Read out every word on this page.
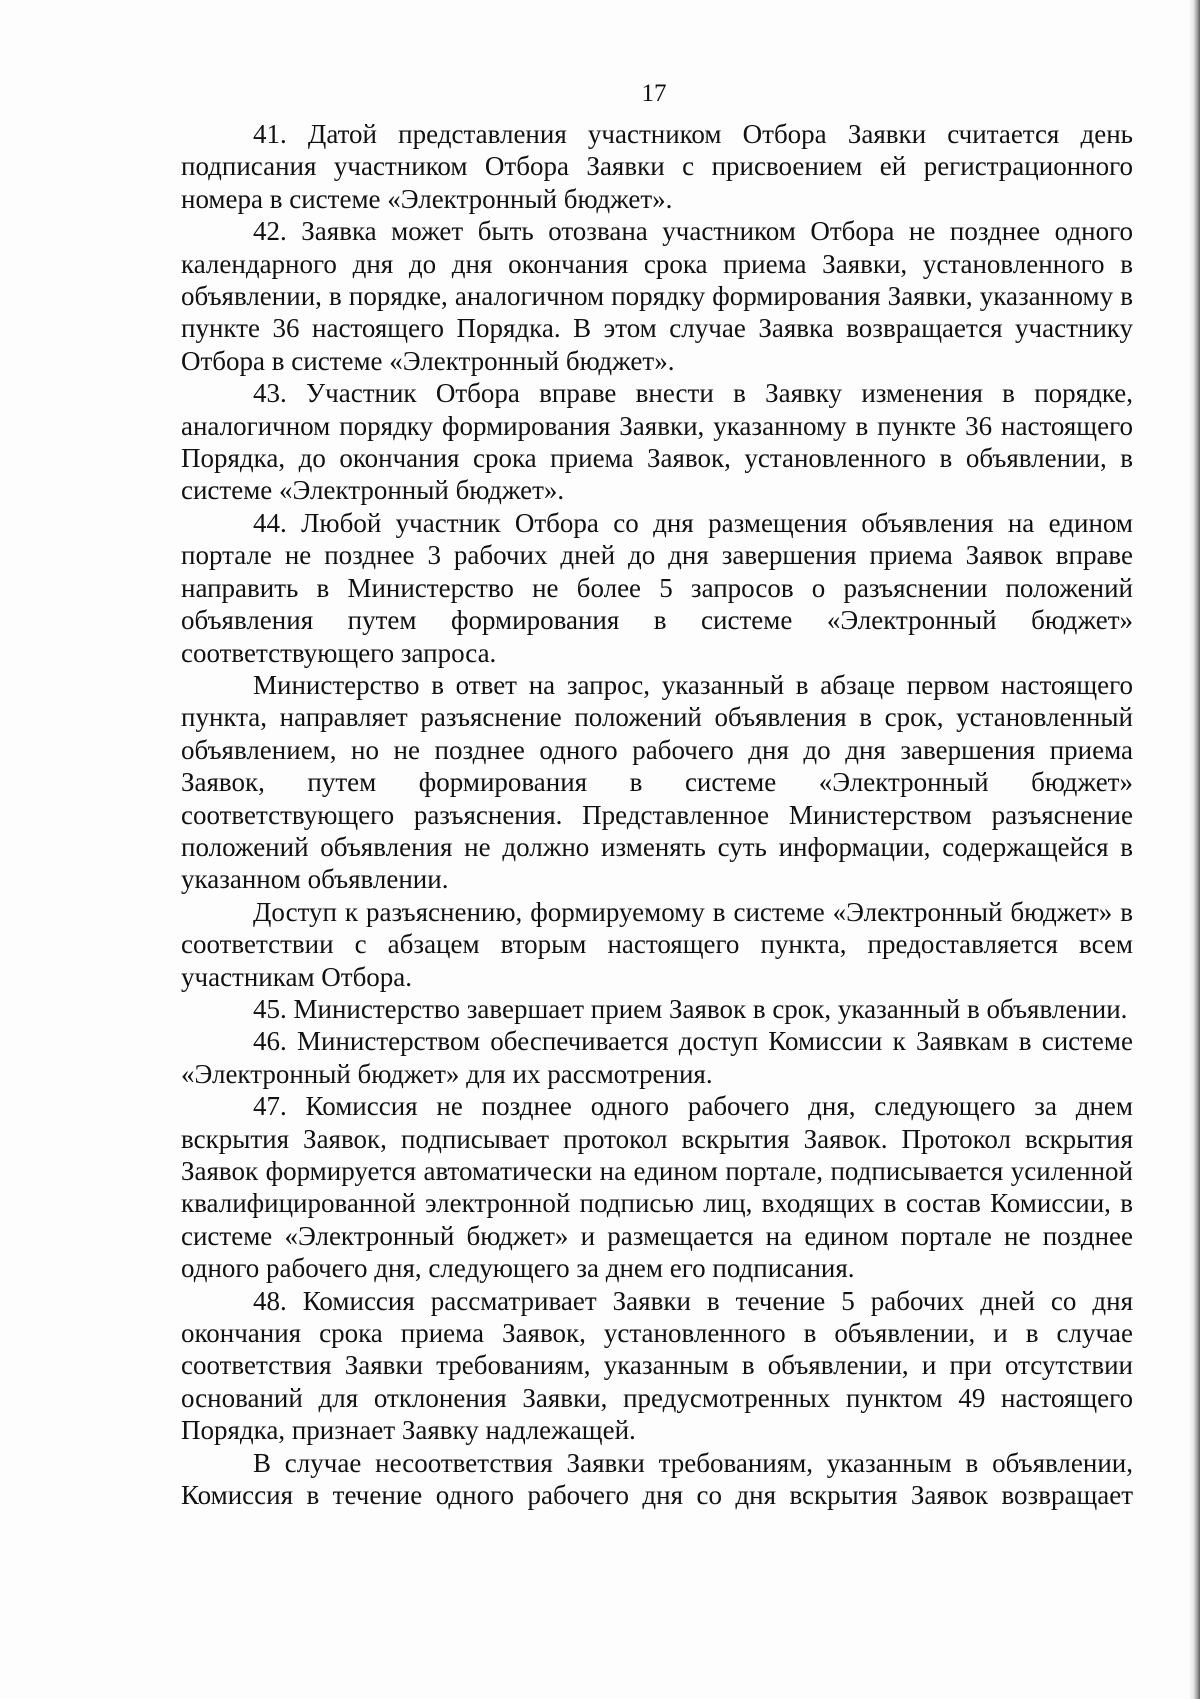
17

41. Датой представления участником Отбора Заявки считается день подписания участником Отбора Заявки с присвоением ей регистрационного номера в системе «Электронный бюджет».

42. Заявка может быть отозвана участником Отбора не позднее одного календарного дня до дня окончания срока приема Заявки, установленного в объявлении, в порядке, аналогичном порядку формирования Заявки, указанному в пункте 36 настоящего Порядка. В этом случае Заявка возвращается участнику Отбора в системе «Электронный бюджет».

43. Участник Отбора вправе внести в Заявку изменения в порядке, аналогичном порядку формирования Заявки, указанному в пункте 36 настоящего Порядка, до окончания срока приема Заявок, установленного в объявлении, в системе «Электронный бюджет».

44. Любой участник Отбора со дня размещения объявления на едином портале не позднее 3 рабочих дней до дня завершения приема Заявок вправе направить в Министерство не более 5 запросов о разъяснении положений объявления путем формирования в системе «Электронный бюджет» соответствующего запроса.

Министерство в ответ на запрос, указанный в абзаце первом настоящего пункта, направляет разъяснение положений объявления в срок, установленный объявлением, но не позднее одного рабочего дня до дня завершения приема Заявок, путем формирования в системе «Электронный бюджет» соответствующего разъяснения. Представленное Министерством разъяснение положений объявления не должно изменять суть информации, содержащейся в указанном объявлении.

Доступ к разъяснению, формируемому в системе «Электронный бюджет» в соответствии с абзацем вторым настоящего пункта, предоставляется всем участникам Отбора.

45. Министерство завершает прием Заявок в срок, указанный в объявлении.

46. Министерством обеспечивается доступ Комиссии к Заявкам в системе «Электронный бюджет» для их рассмотрения.

47. Комиссия не позднее одного рабочего дня, следующего за днем вскрытия Заявок, подписывает протокол вскрытия Заявок. Протокол вскрытия Заявок формируется автоматически на едином портале, подписывается усиленной квалифицированной электронной подписью лиц, входящих в состав Комиссии, в системе «Электронный бюджет» и размещается на едином портале не позднее одного рабочего дня, следующего за днем его подписания.

48. Комиссия рассматривает Заявки в течение 5 рабочих дней со дня окончания срока приема Заявок, установленного в объявлении, и в случае соответствия Заявки требованиям, указанным в объявлении, и при отсутствии оснований для отклонения Заявки, предусмотренных пунктом 49 настоящего Порядка, признает Заявку надлежащей.

В случае несоответствия Заявки требованиям, указанным в объявлении, Комиссия в течение одного рабочего дня со дня вскрытия Заявок возвращает
